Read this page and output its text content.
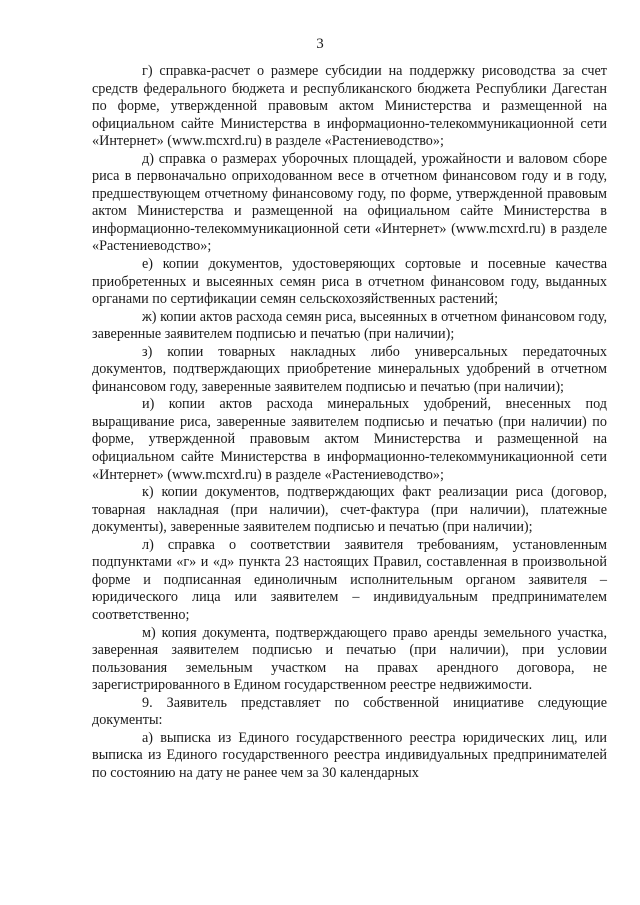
3

г) справка-расчет о размере субсидии на поддержку рисоводства за счет средств федерального бюджета и республиканского бюджета Республики Дагестан по форме, утвержденной правовым актом Министерства и размещенной на официальном сайте Министерства в информационно-телекоммуникационной сети «Интернет» (www.mcxrd.ru) в разделе «Растениеводство»;

д) справка о размерах уборочных площадей, урожайности и валовом сборе риса в первоначально оприходованном весе в отчетном финансовом году и в году, предшествующем отчетному финансовому году, по форме, утвержденной правовым актом Министерства и размещенной на официальном сайте Министерства в информационно-телекоммуникационной сети «Интернет» (www.mcxrd.ru) в разделе «Растениеводство»;

е) копии документов, удостоверяющих сортовые и посевные качества приобретенных и высеянных семян риса в отчетном финансовом году, выданных органами по сертификации семян сельскохозяйственных растений;

ж) копии актов расхода семян риса, высеянных в отчетном финансовом году, заверенные заявителем подписью и печатью (при наличии);

з) копии товарных накладных либо универсальных передаточных документов, подтверждающих приобретение минеральных удобрений в отчетном финансовом году, заверенные заявителем подписью и печатью (при наличии);

и) копии актов расхода минеральных удобрений, внесенных под выращивание риса, заверенные заявителем подписью и печатью (при наличии) по форме, утвержденной правовым актом Министерства и размещенной на официальном сайте Министерства в информационно-телекоммуникационной сети «Интернет» (www.mcxrd.ru) в разделе «Растениеводство»;

к) копии документов, подтверждающих факт реализации риса (договор, товарная накладная (при наличии), счет-фактура (при наличии), платежные документы), заверенные заявителем подписью и печатью (при наличии);

л) справка о соответствии заявителя требованиям, установленным подпунктами «г» и «д» пункта 23 настоящих Правил, составленная в произвольной форме и подписанная единоличным исполнительным органом заявителя – юридического лица или заявителем – индивидуальным предпринимателем соответственно;

м) копия документа, подтверждающего право аренды земельного участка, заверенная заявителем подписью и печатью (при наличии), при условии пользования земельным участком на правах арендного договора, не зарегистрированного в Едином государственном реестре недвижимости.

9. Заявитель представляет по собственной инициативе следующие документы:

а) выписка из Единого государственного реестра юридических лиц, или выписка из Единого государственного реестра индивидуальных предпринимателей по состоянию на дату не ранее чем за 30 календарных
